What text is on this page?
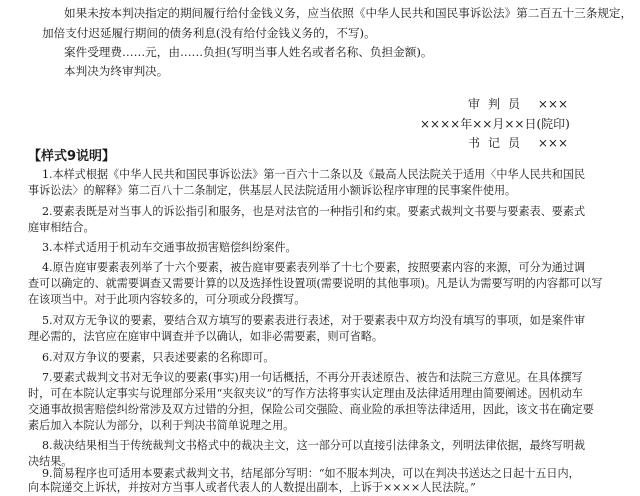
如果未按本判决指定的期间履行给付金钱义务，应当依照《中华人民共和国民事诉讼法》第二百五十三条规定，
加倍支付迟延履行期间的债务利息(没有给付金钱义务的，不写)。
案件受理费……元，由……负担(写明当事人姓名或者名称、负担金额)。
本判决为终审判决。
审判员 ×××
××××年××月××日(院印)
书记员 ×××
【样式9说明】
1.本样式根据《中华人民共和国民事诉讼法》第一百六十二条以及《最高人民法院关于适用〈中华人民共和国民
事诉讼法〉的解释》第二百八十二条制定，供基层人民法院适用小额诉讼程序审理的民事案件使用。
2.要素表既是对当事人的诉讼指引和服务，也是对法官的一种指引和约束。要素式裁判文书要与要素表、要素式
庭审相结合。
3.本样式适用于机动车交通事故损害赔偿纠纷案件。
4.原告庭审要素表列举了十六个要素，被告庭审要素表列举了十七个要素，按照要素内容的来源，可分为通过调
查可以确定的、就需要调查又需要计算的以及选择性设置项(需要说明的其他事项)。凡是认为需要写明的内容都可以写
在该项当中。对于此项内容较多的，可分项或分段撰写。
5.对双方无争议的要素，要结合双方填写的要素表进行表述，对于要素表中双方均没有填写的事项，如是案件审
理必需的，法官应在庭审中调查并予以确认，如非必需要素，则可省略。
6.对双方争议的要素，只表述要素的名称即可。
7.要素式裁判文书对无争议的要素(事实)用一句话概括，不再分开表述原告、被告和法院三方意见。在具体撰写
时，可在本院认定事实与说理部分采用“夹叙夹议”的写作方法将事实认定理由及法律适用理由简要阐述。因机动车
交通事故损害赔偿纠纷常涉及双方过错的分担，保险公司交强险、商业险的承担等法律适用，因此，该文书在确定要
素后加入本院认为部分，以利于判决书简单说理之用。
8.裁决结果相当于传统裁判文书格式中的裁决主文，这一部分可以直接引法律条文，列明法律依据，最终写明裁
决结果。
9.简易程序也可适用本要素式裁判文书，结尾部分写明：“如不服本判决，可以在判决书送达之日起十五日内，
向本院递交上诉状，并按对方当事人或者代表人的人数提出副本，上诉于××××人民法院。”
